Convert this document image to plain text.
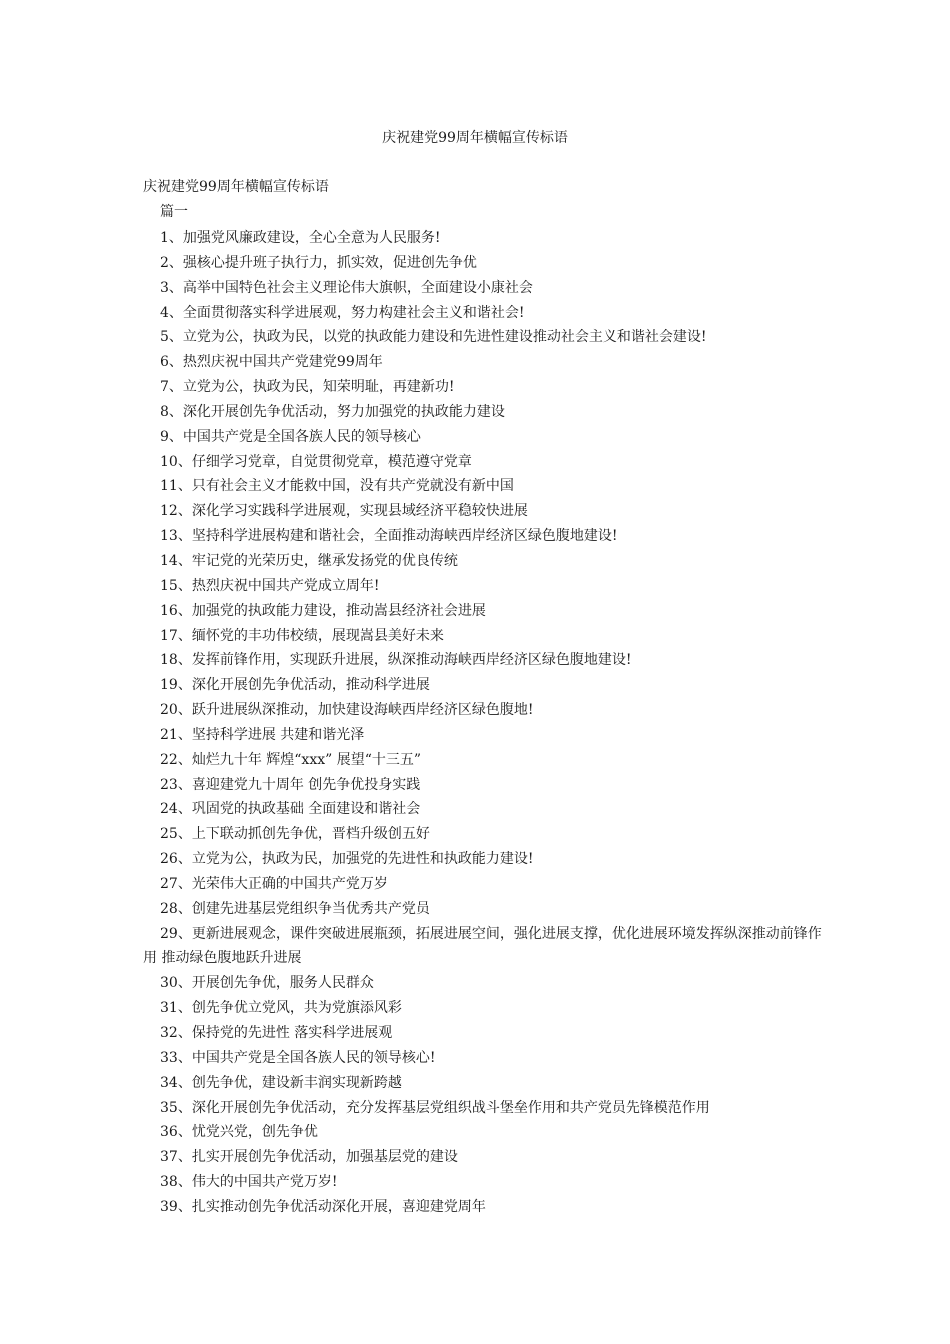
庆祝建党99周年横幅宣传标语
庆祝建党99周年横幅宣传标语
篇一
1、加强党风廉政建设，全心全意为人民服务!
2、强核心提升班子执行力，抓实效，促进创先争优
3、高举中国特色社会主义理论伟大旗帜，全面建设小康社会
4、全面贯彻落实科学进展观，努力构建社会主义和谐社会!
5、立党为公，执政为民，以党的执政能力建设和先进性建设推动社会主义和谐社会建设!
6、热烈庆祝中国共产党建党99周年
7、立党为公，执政为民，知荣明耻，再建新功!
8、深化开展创先争优活动，努力加强党的执政能力建设
9、中国共产党是全国各族人民的领导核心
10、仔细学习党章，自觉贯彻党章，模范遵守党章
11、只有社会主义才能救中国，没有共产党就没有新中国
12、深化学习实践科学进展观，实现县域经济平稳较快进展
13、坚持科学进展构建和谐社会，全面推动海峡西岸经济区绿色腹地建设!
14、牢记党的光荣历史，继承发扬党的优良传统
15、热烈庆祝中国共产党成立周年!
16、加强党的执政能力建设，推动嵩县经济社会进展
17、缅怀党的丰功伟校绩，展现嵩县美好未来
18、发挥前锋作用，实现跃升进展，纵深推动海峡西岸经济区绿色腹地建设!
19、深化开展创先争优活动，推动科学进展
20、跃升进展纵深推动，加快建设海峡西岸经济区绿色腹地!
21、坚持科学进展 共建和谐光泽
22、灿烂九十年 辉煌“xxx” 展望“十三五”
23、喜迎建党九十周年 创先争优投身实践
24、巩固党的执政基础 全面建设和谐社会
25、上下联动抓创先争优，晋档升级创五好
26、立党为公，执政为民，加强党的先进性和执政能力建设!
27、光荣伟大正确的中国共产党万岁
28、创建先进基层党组织争当优秀共产党员
29、更新进展观念，课件突破进展瓶颈，拓展进展空间，强化进展支撑，优化进展环境发挥纵深推动前锋作用 推动绿色腹地跃升进展
30、开展创先争优，服务人民群众
31、创先争优立党风，共为党旗添风彩
32、保持党的先进性 落实科学进展观
33、中国共产党是全国各族人民的领导核心!
34、创先争优，建设新丰润实现新跨越
35、深化开展创先争优活动，充分发挥基层党组织战斗堡垒作用和共产党员先锋模范作用
36、忧党兴党，创先争优
37、扎实开展创先争优活动，加强基层党的建设
38、伟大的中国共产党万岁!
39、扎实推动创先争优活动深化开展，喜迎建党周年
